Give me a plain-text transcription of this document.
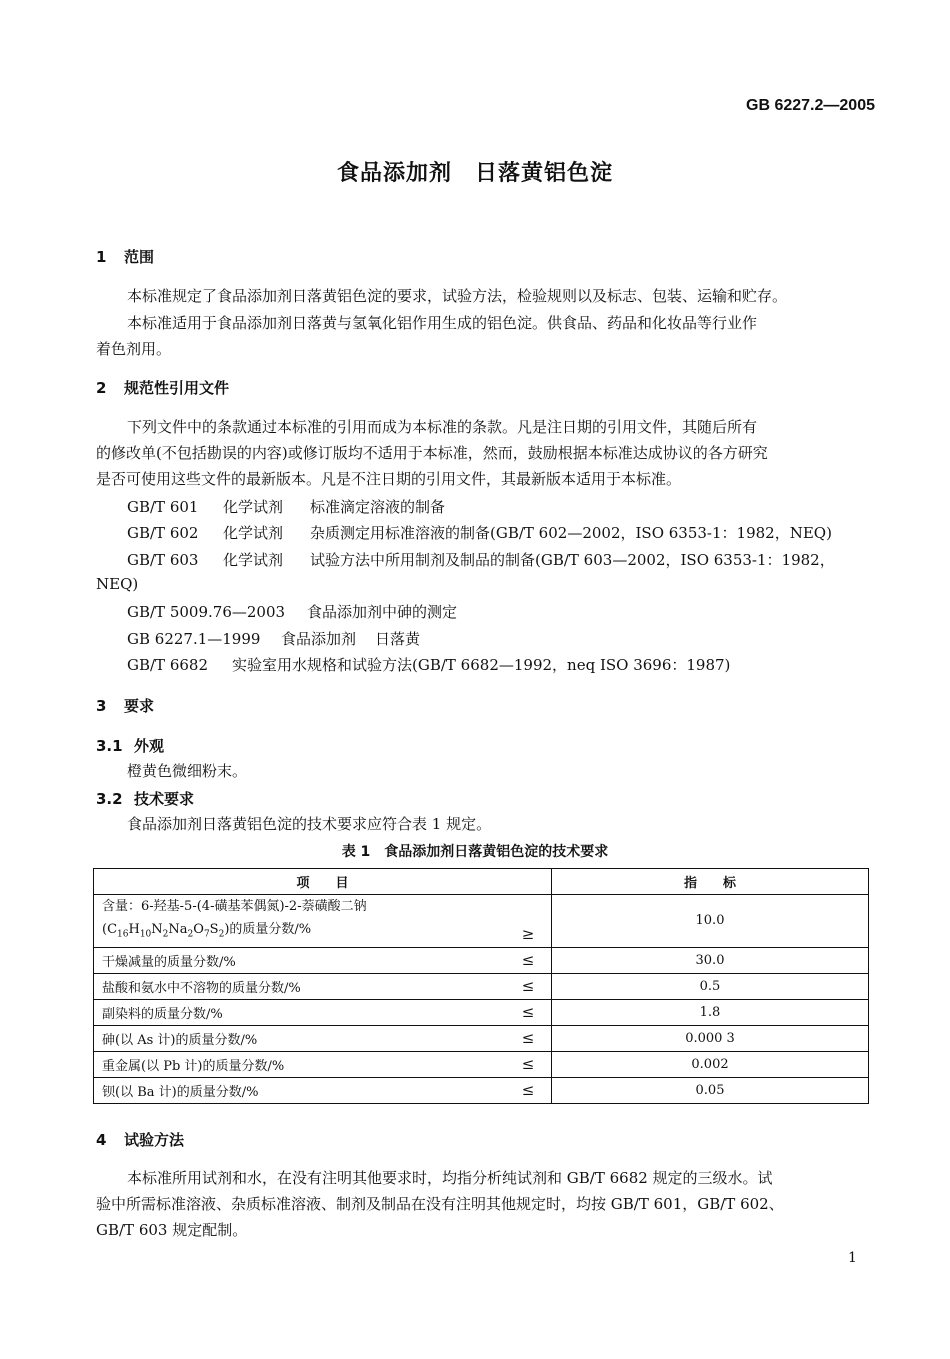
GB 6227.2—2005
食品添加剂　日落黄铝色淀
1 范围
本标准规定了食品添加剂日落黄铝色淀的要求，试验方法，检验规则以及标志、包装、运输和贮存。
本标准适用于食品添加剂日落黄与氢氧化铝作用生成的铝色淀。供食品、药品和化妆品等行业作
着色剂用。
2 规范性引用文件
下列文件中的条款通过本标准的引用而成为本标准的条款。凡是注日期的引用文件，其随后所有
的修改单(不包括勘误的内容)或修订版均不适用于本标准，然而，鼓励根据本标准达成协议的各方研究
是否可使用这些文件的最新版本。凡是不注日期的引用文件，其最新版本适用于本标准。
GB/T 601 化学试剂 标准滴定溶液的制备
GB/T 602 化学试剂 杂质测定用标准溶液的制备(GB/T 602—2002，ISO 6353-1：1982，NEQ)
GB/T 603 化学试剂 试验方法中所用制剂及制品的制备(GB/T 603—2002，ISO 6353-1：1982，
NEQ)
GB/T 5009.76—2003 食品添加剂中砷的测定
GB 6227.1—1999 食品添加剂 日落黄
GB/T 6682 实验室用水规格和试验方法(GB/T 6682—1992，neq ISO 3696：1987)
3 要求
3.1 外观
橙黄色微细粉末。
3.2 技术要求
食品添加剂日落黄铝色淀的技术要求应符合表 1 规定。
表 1　食品添加剂日落黄铝色淀的技术要求
项　　目		指　　标

含量：6-羟基-5-(4-磺基苯偶氮)-2-萘磺酸二钠
$(C_{16}H_{10}N_2Na_2O_7S_2)$的质量分数/%	≥	10.0
干燥减量的质量分数/%	≤	30.0
盐酸和氨水中不溶物的质量分数/%	≤	0.5
副染料的质量分数/%	≤	1.8
砷(以 As 计)的质量分数/%	≤	0.000 3
重金属(以 Pb 计)的质量分数/%	≤	0.002
钡(以 Ba 计)的质量分数/%	≤	0.05
4 试验方法
本标准所用试剂和水，在没有注明其他要求时，均指分析纯试剂和 GB/T 6682 规定的三级水。试
验中所需标准溶液、杂质标准溶液、制剂及制品在没有注明其他规定时，均按 GB/T 601，GB/T 602、
GB/T 603 规定配制。
1
